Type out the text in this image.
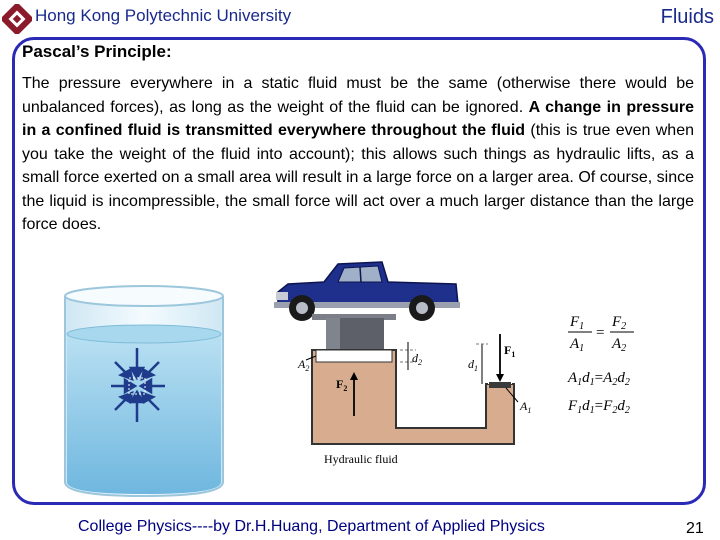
Hong Kong Polytechnic University	Fluids
Pascal’s Principle:
The pressure everywhere in a static fluid must be the same (otherwise there would be unbalanced forces), as long as the weight of the fluid can be ignored. A change in pressure in a confined fluid is transmitted everywhere throughout the fluid (this is true even when you take the weight of the fluid into account); this allows such things as hydraulic lifts, as a small force exerted on a small area will result in a large force on a larger area. Of course, since the liquid is incompressible, the small force will act over a much larger distance than the large force does.
$A_2$
$d_2$
$F_2$
$F_1$
$d_1$
$A_1$
Hydraulic fluid
$F_1$
$A_1$
=
$F_2$
$A_2$
$A_1d_1=A_2d_2$
$F_1d_1=F_2d_2$
College Physics----by Dr.H.Huang, Department of Applied Physics	21
